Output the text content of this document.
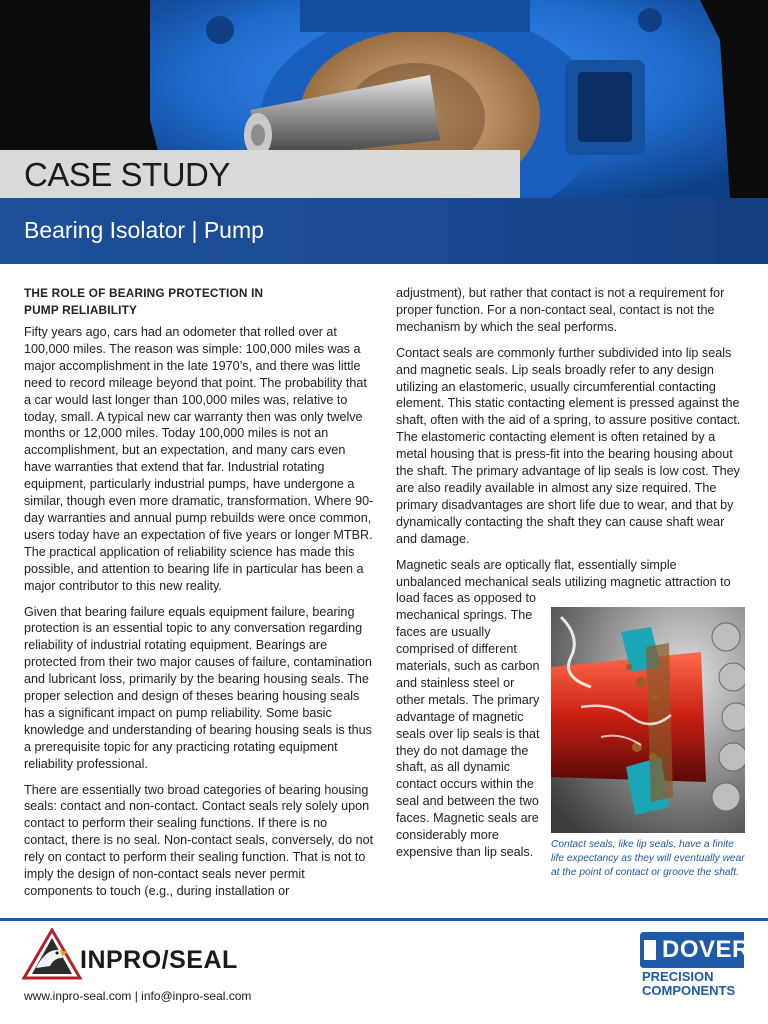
CASE STUDY
Bearing Isolator | Pump
THE ROLE OF BEARING PROTECTION IN
PUMP RELIABILITY

Fifty years ago, cars had an odometer that rolled over at 100,000 miles. The reason was simple: 100,000 miles was a major accomplishment in the late 1970’s, and there was little need to record mileage beyond that point. The probability that a car would last longer than 100,000 miles was, relative to today, small. A typical new car warranty then was only twelve months or 12,000 miles. Today 100,000 miles is not an accomplishment, but an expectation, and many cars even have warranties that extend that far. Industrial rotating equipment, particularly industrial pumps, have undergone a similar, though even more dramatic, transformation. Where 90-day warranties and annual pump rebuilds were once common, users today have an expectation of five years or longer MTBR. The practical application of reliability science has made this possible, and attention to bearing life in particular has been a major contributor to this new reality.

Given that bearing failure equals equipment failure, bearing protection is an essential topic to any conversation regarding reliability of industrial rotating equipment. Bearings are protected from their two major causes of failure, contamination and lubricant loss, primarily by the bearing housing seals. The proper selection and design of theses bearing housing seals has a significant impact on pump reliability. Some basic knowledge and understanding of bearing housing seals is thus a prerequisite topic for any practicing rotating equipment reliability professional.

There are essentially two broad categories of bearing housing seals: contact and non-contact. Contact seals rely solely upon contact to perform their sealing functions. If there is no contact, there is no seal. Non-contact seals, conversely, do not rely on contact to perform their sealing function. That is not to imply the design of non-contact seals never permit components to touch (e.g., during installation or

adjustment), but rather that contact is not a requirement for proper function. For a non-contact seal, contact is not the mechanism by which the seal performs.

Contact seals are commonly further subdivided into lip seals and magnetic seals. Lip seals broadly refer to any design utilizing an elastomeric, usually circumferential contacting element. This static contacting element is pressed against the shaft, often with the aid of a spring, to assure positive contact. The elastomeric contacting element is often retained by a metal housing that is press-fit into the bearing housing about the shaft. The primary advantage of lip seals is low cost. They are also readily available in almost any size required. The primary disadvantages are short life due to wear, and that by dynamically contacting the shaft they can cause shaft wear and damage.

Magnetic seals are optically flat, essentially simple unbalanced mechanical seals utilizing magnetic attraction to

load faces as opposed to mechanical springs. The faces are usually comprised of different materials, such as carbon and stainless steel or other metals. The primary advantage of magnetic seals over lip seals is that they do not damage the shaft, as all dynamic contact occurs within the seal and between the two faces. Magnetic seals are considerably more expensive than lip seals.

Contact seals, like lip seals, have a finite life expectancy as they will eventually wear at the point of contact or groove the shaft.
INPRO/SEAL
www.inpro-seal.com | info@inpro-seal.com
DOVER
PRECISION
COMPONENTS
